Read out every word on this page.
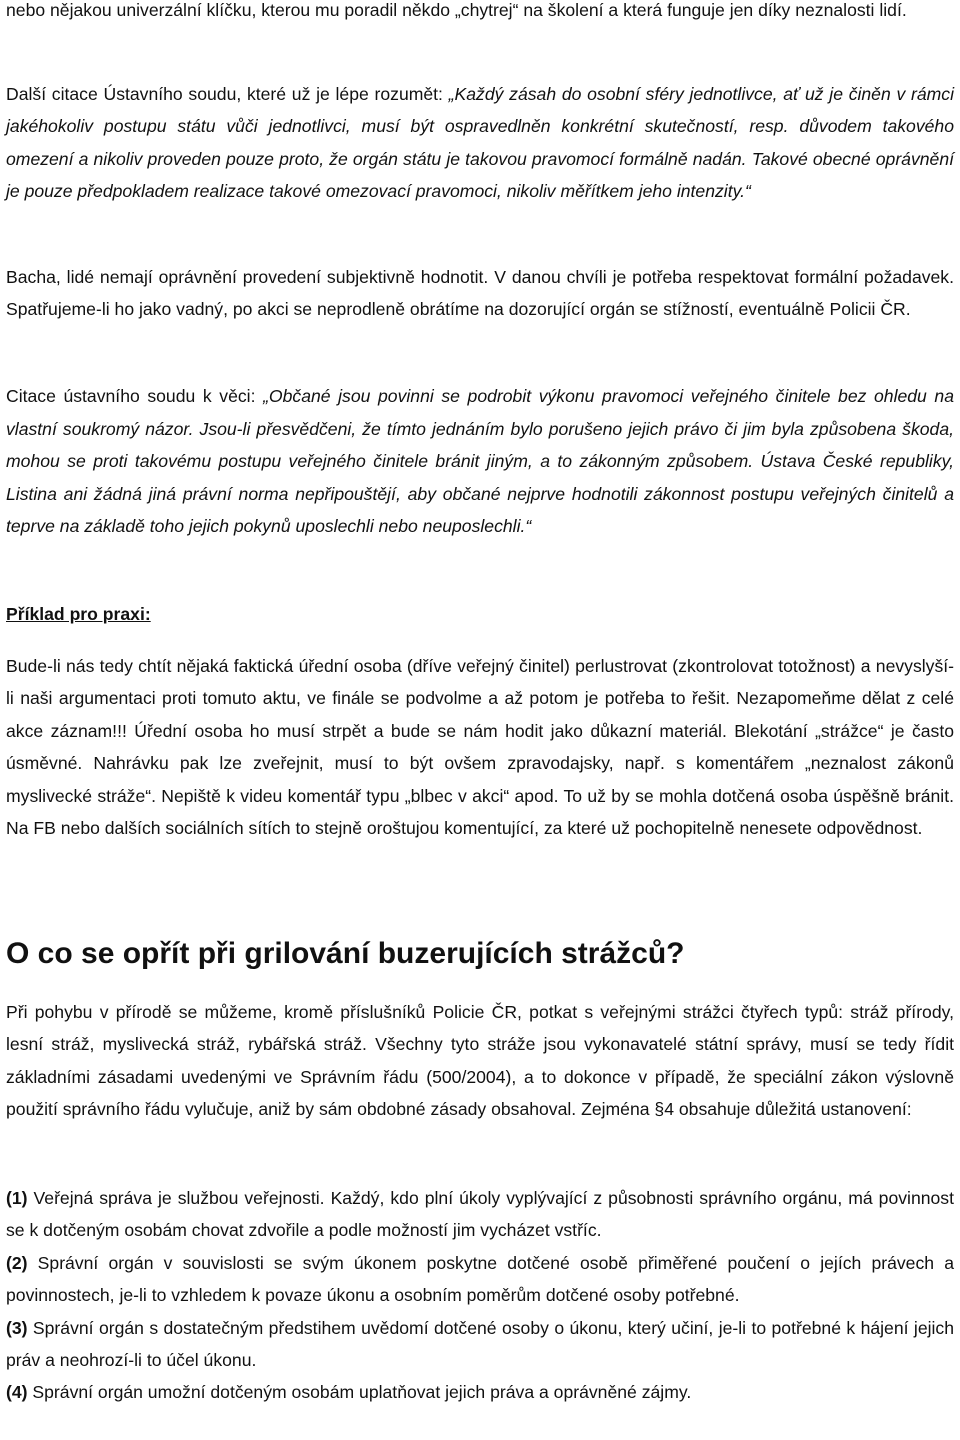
nebo nějakou univerzální klíčku, kterou mu poradil někdo „chytrej“ na školení a která funguje jen díky neznalosti lidí.

Další citace Ústavního soudu, které už je lépe rozumět: „Každý zásah do osobní sféry jednotlivce, ať už je činěn v rámci jakéhokoliv postupu státu vůči jednotlivci, musí být ospravedlněn konkrétní skutečností, resp. důvodem takového omezení a nikoliv proveden pouze proto, že orgán státu je takovou pravomocí formálně nadán. Takové obecné oprávnění je pouze předpokladem realizace takové omezovací pravomoci, nikoliv měřítkem jeho intenzity.“

Bacha, lidé nemají oprávnění provedení subjektivně hodnotit. V danou chvíli je potřeba respektovat formální požadavek. Spatřujeme-li ho jako vadný, po akci se neprodleně obrátíme na dozorující orgán se stížností, eventuálně Policii ČR.

Citace ústavního soudu k věci: „Občané jsou povinni se podrobit výkonu pravomoci veřejného činitele bez ohledu na vlastní soukromý názor. Jsou-li přesvědčeni, že tímto jednáním bylo porušeno jejich právo či jim byla způsobena škoda, mohou se proti takovému postupu veřejného činitele bránit jiným, a to zákonným způsobem. Ústava České republiky, Listina ani žádná jiná právní norma nepřipouštějí, aby občané nejprve hodnotili zákonnost postupu veřejných činitelů a teprve na základě toho jejich pokynů uposlechli nebo neuposlechli.“

Příklad pro praxi:

Bude-li nás tedy chtít nějaká faktická úřední osoba (dříve veřejný činitel) perlustrovat (zkontrolovat totožnost) a nevyslyší-li naši argumentaci proti tomuto aktu, ve finále se podvolme a až potom je potřeba to řešit. Nezapomeňme dělat z celé akce záznam!!! Úřední osoba ho musí strpět a bude se nám hodit jako důkazní materiál. Blekotání „strážce“ je často úsměvné. Nahrávku pak lze zveřejnit, musí to být ovšem zpravodajsky, např. s komentářem „neznalost zákonů myslivecké stráže“. Nepiště k videu komentář typu „blbec v akci“ apod. To už by se mohla dotčená osoba úspěšně bránit. Na FB nebo dalších sociálních sítích to stejně oroštujou komentující, za které už pochopitelně nenesete odpovědnost.

O co se opřít při grilování buzerujících strážců?

Při pohybu v přírodě se můžeme, kromě příslušníků Policie ČR, potkat s veřejnými strážci čtyřech typů: stráž přírody, lesní stráž, myslivecká stráž, rybářská stráž. Všechny tyto stráže jsou vykonavatelé státní správy, musí se tedy řídit základními zásadami uvedenými ve Správním řádu (500/2004), a to dokonce v případě, že speciální zákon výslovně použití správního řádu vylučuje, aniž by sám obdobné zásady obsahoval. Zejména §4 obsahuje důležitá ustanovení:

(1) Veřejná správa je službou veřejnosti. Každý, kdo plní úkoly vyplývající z působnosti správního orgánu, má povinnost se k dotčeným osobám chovat zdvořile a podle možností jim vycházet vstříc.
(2) Správní orgán v souvislosti se svým úkonem poskytne dotčené osobě přiměřené poučení o jejích právech a povinnostech, je-li to vzhledem k povaze úkonu a osobním poměrům dotčené osoby potřebné.
(3) Správní orgán s dostatečným předstihem uvědomí dotčené osoby o úkonu, který učiní, je-li to potřebné k hájení jejich práv a neohrozí-li to účel úkonu.
(4) Správní orgán umožní dotčeným osobám uplatňovat jejich práva a oprávněné zájmy.
